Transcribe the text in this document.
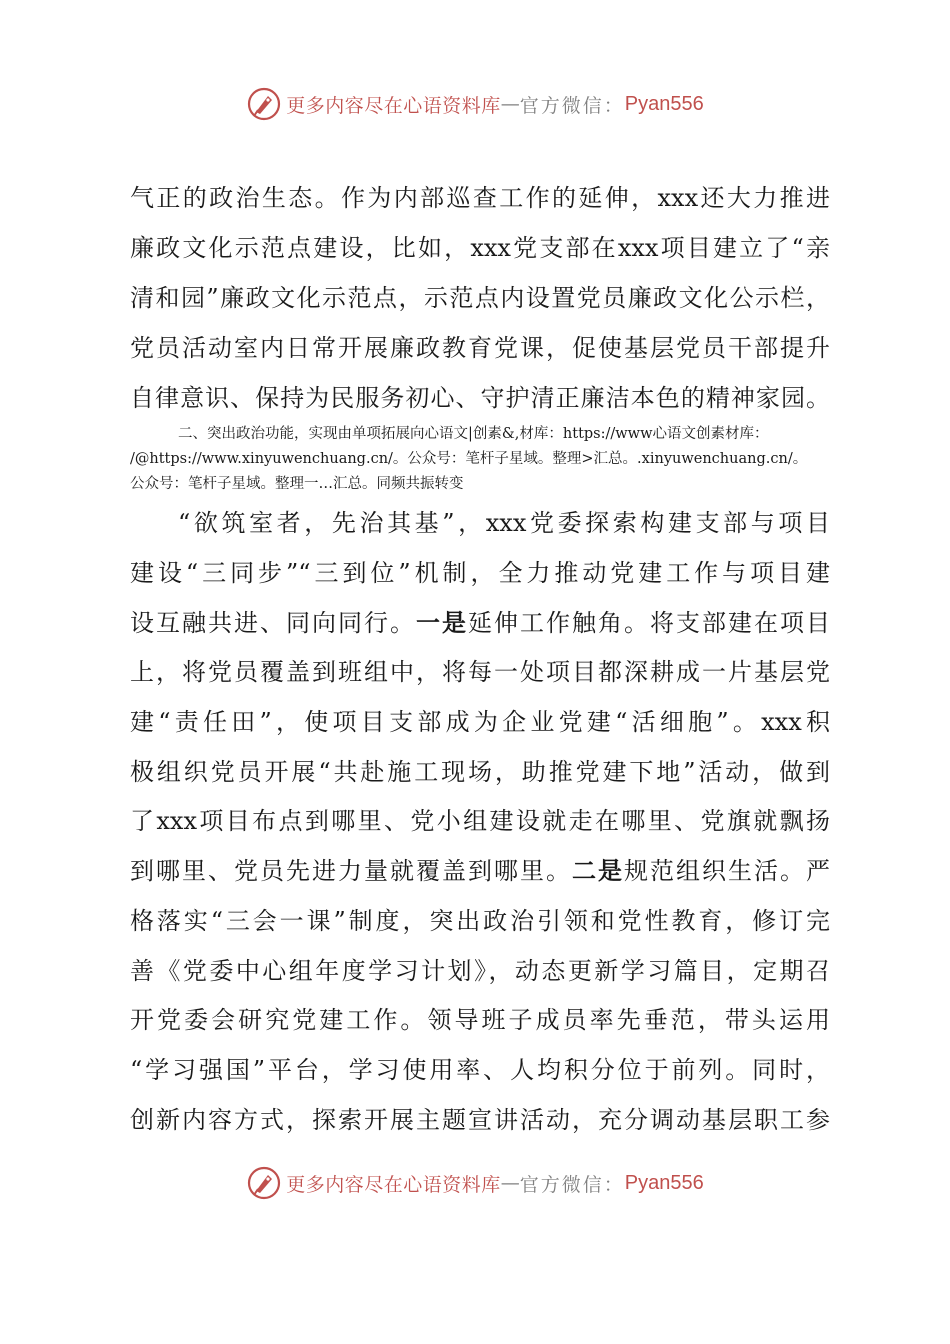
更多内容尽在心语资料库 — 官方微信： Pyan556
气正的政治生态。作为内部巡查工作的延伸，xxx还大力推进
廉政文化示范点建设，比如，xxx党支部在xxx项目建立了“亲
清和园”廉政文化示范点，示范点内设置党员廉政文化公示栏，
党员活动室内日常开展廉政教育党课，促使基层党员干部提升
自律意识、保持为民服务初心、守护清正廉洁本色的精神家园。
二、突出政治功能，实现由单项拓展向心语文|创素&,材库：https://www心语文创素材库：
/@https://www.xinyuwenchuang.cn/。公众号：笔杆子星域。整理>汇总。.xinyuwenchuang.cn/。
公众号：笔杆子星域。整理一…汇总。同频共振转变
“欲筑室者，先治其基”，xxx党委探索构建支部与项目
建设“三同步”“三到位”机制，全力推动党建工作与项目建
设互融共进、同向同行。一是延伸工作触角。将支部建在项目
上，将党员覆盖到班组中，将每一处项目都深耕成一片基层党
建“责任田”，使项目支部成为企业党建“活细胞”。xxx积
极组织党员开展“共赴施工现场，助推党建下地”活动，做到
了xxx项目布点到哪里、党小组建设就走在哪里、党旗就飘扬
到哪里、党员先进力量就覆盖到哪里。二是规范组织生活。严
格落实“三会一课”制度，突出政治引领和党性教育，修订完
善《党委中心组年度学习计划》，动态更新学习篇目，定期召
开党委会研究党建工作。领导班子成员率先垂范，带头运用
“学习强国”平台，学习使用率、人均积分位于前列。同时，
创新内容方式，探索开展主题宣讲活动，充分调动基层职工参
更多内容尽在心语资料库 — 官方微信： Pyan556
